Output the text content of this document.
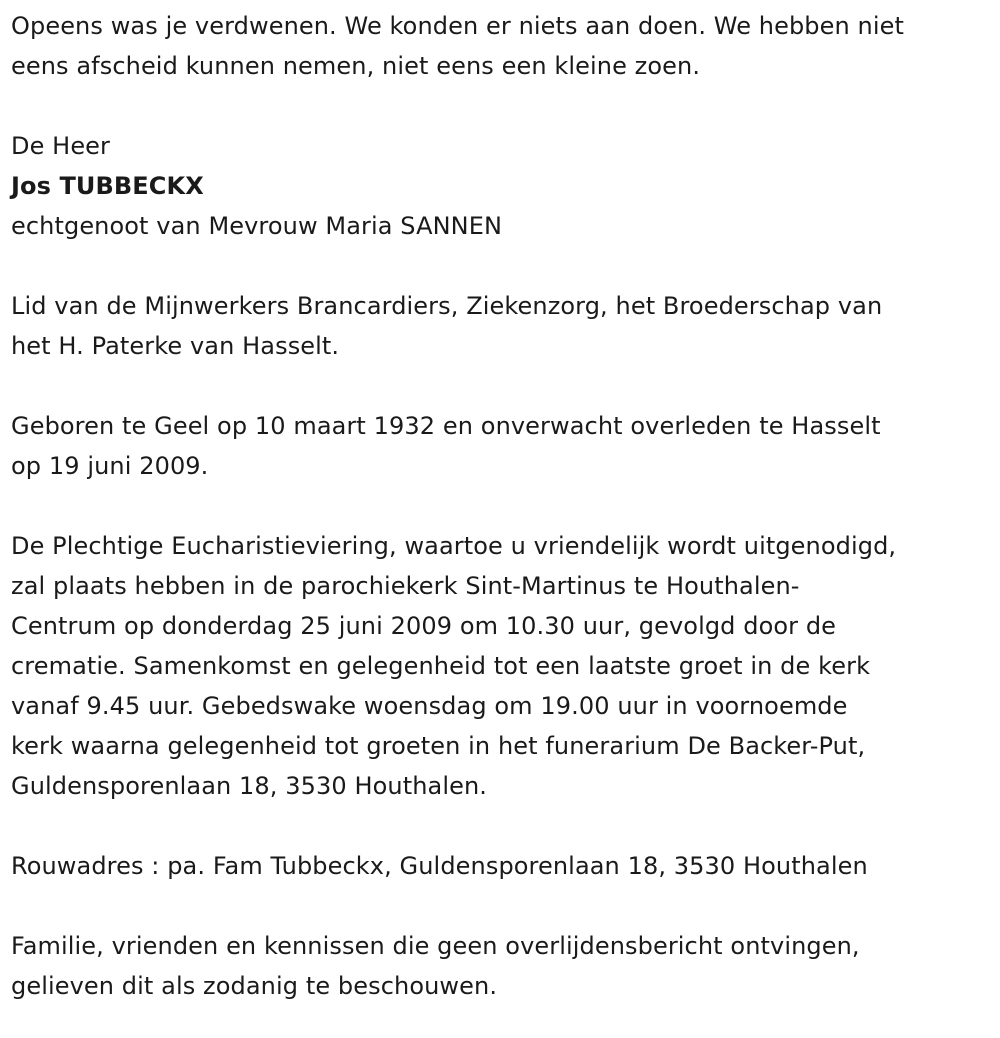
Opeens was je verdwenen. We konden er niets aan doen. We hebben niet
eens afscheid kunnen nemen, niet eens een kleine zoen.

De Heer

Jos TUBBECKX

echtgenoot van Mevrouw Maria SANNEN

Lid van de Mijnwerkers Brancardiers, Ziekenzorg, het Broederschap van
het H. Paterke van Hasselt.

Geboren te Geel op 10 maart 1932 en onverwacht overleden te Hasselt
op 19 juni 2009.

De Plechtige Eucharistieviering, waartoe u vriendelijk wordt uitgenodigd,
zal plaats hebben in de parochiekerk Sint-Martinus te Houthalen-
Centrum op donderdag 25 juni 2009 om 10.30 uur, gevolgd door de
crematie. Samenkomst en gelegenheid tot een laatste groet in de kerk
vanaf 9.45 uur. Gebedswake woensdag om 19.00 uur in voornoemde
kerk waarna gelegenheid tot groeten in het funerarium De Backer-Put,
Guldensporenlaan 18, 3530 Houthalen.

Rouwadres : pa. Fam Tubbeckx, Guldensporenlaan 18, 3530 Houthalen

Familie, vrienden en kennissen die geen overlijdensbericht ontvingen,
gelieven dit als zodanig te beschouwen.
